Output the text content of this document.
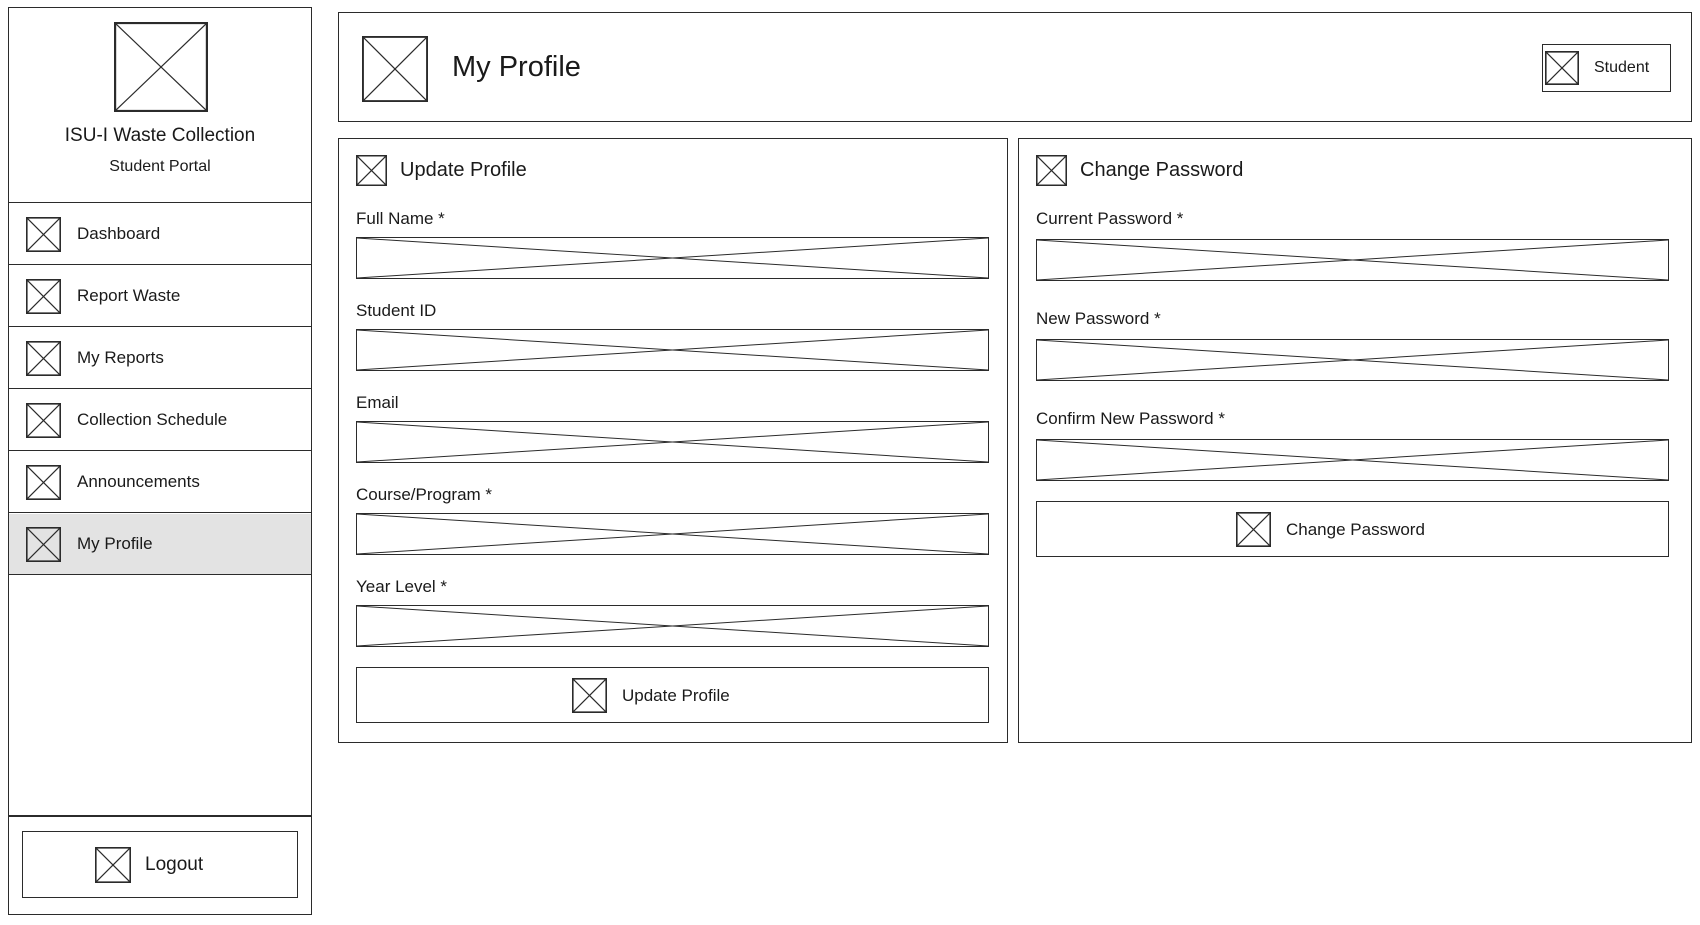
ISU-I Waste Collection
Student Portal
Dashboard
Report Waste
My Reports
Collection Schedule
Announcements
My Profile
Logout
My Profile	Student
Update Profile
Full Name *
Student ID
Email
Course/Program *
Year Level *
Update Profile
Change Password
Current Password *
New Password *
Confirm New Password *
Change Password
